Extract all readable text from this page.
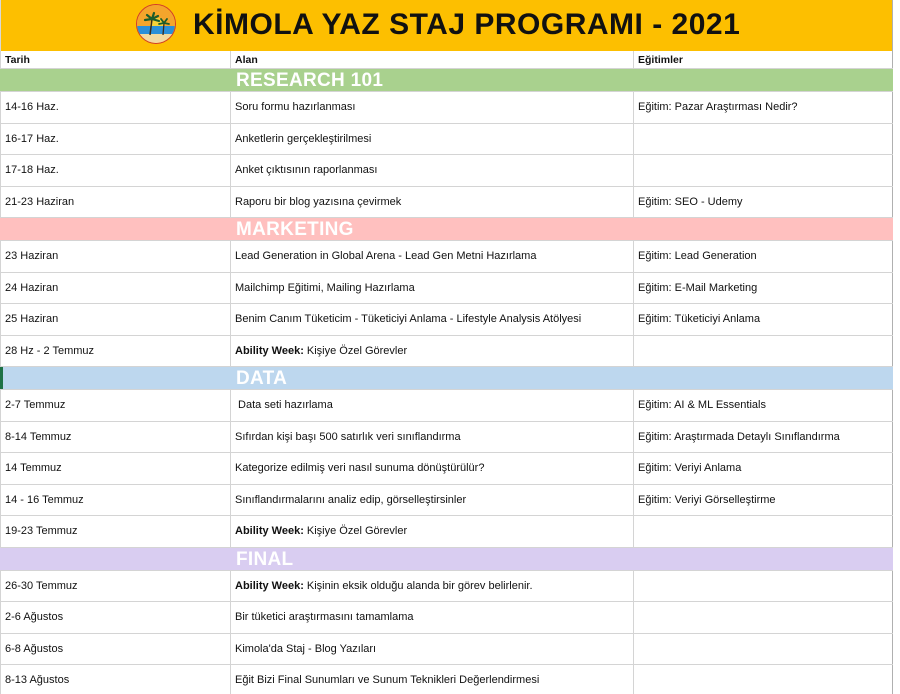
KİMOLA YAZ STAJ PROGRAMI - 2021
Tarih	Alan	Eğitimler
RESEARCH 101
14-16 Haz.	Soru formu hazırlanması	Eğitim: Pazar Araştırması Nedir?
16-17 Haz.	Anketlerin gerçekleştirilmesi
17-18 Haz.	Anket çıktısının raporlanması
21-23 Haziran	Raporu bir blog yazısına çevirmek	Eğitim: SEO - Udemy
MARKETING
23 Haziran	Lead Generation in Global Arena - Lead Gen Metni Hazırlama	Eğitim: Lead Generation
24 Haziran	Mailchimp Eğitimi, Mailing Hazırlama	Eğitim: E-Mail Marketing
25 Haziran	Benim Canım Tüketicim - Tüketiciyi Anlama - Lifestyle Analysis Atölyesi	Eğitim: Tüketiciyi Anlama
28 Hz - 2 Temmuz	Ability Week: Kişiye Özel Görevler
DATA
2-7 Temmuz	Data seti hazırlama	Eğitim: AI & ML Essentials
8-14 Temmuz	Sıfırdan kişi başı 500 satırlık veri sınıflandırma	Eğitim: Araştırmada Detaylı Sınıflandırma
14 Temmuz	Kategorize edilmiş veri nasıl sunuma dönüştürülür?	Eğitim: Veriyi Anlama
14 - 16 Temmuz	Sınıflandırmalarını analiz edip, görselleştirsinler	Eğitim: Veriyi Görselleştirme
19-23 Temmuz	Ability Week: Kişiye Özel Görevler
FINAL
26-30 Temmuz	Ability Week: Kişinin eksik olduğu alanda bir görev belirlenir.
2-6 Ağustos	Bir tüketici araştırmasını tamamlama
6-8 Ağustos	Kimola'da Staj - Blog Yazıları
8-13 Ağustos	Eğit Bizi Final Sunumları ve Sunum Teknikleri Değerlendirmesi
